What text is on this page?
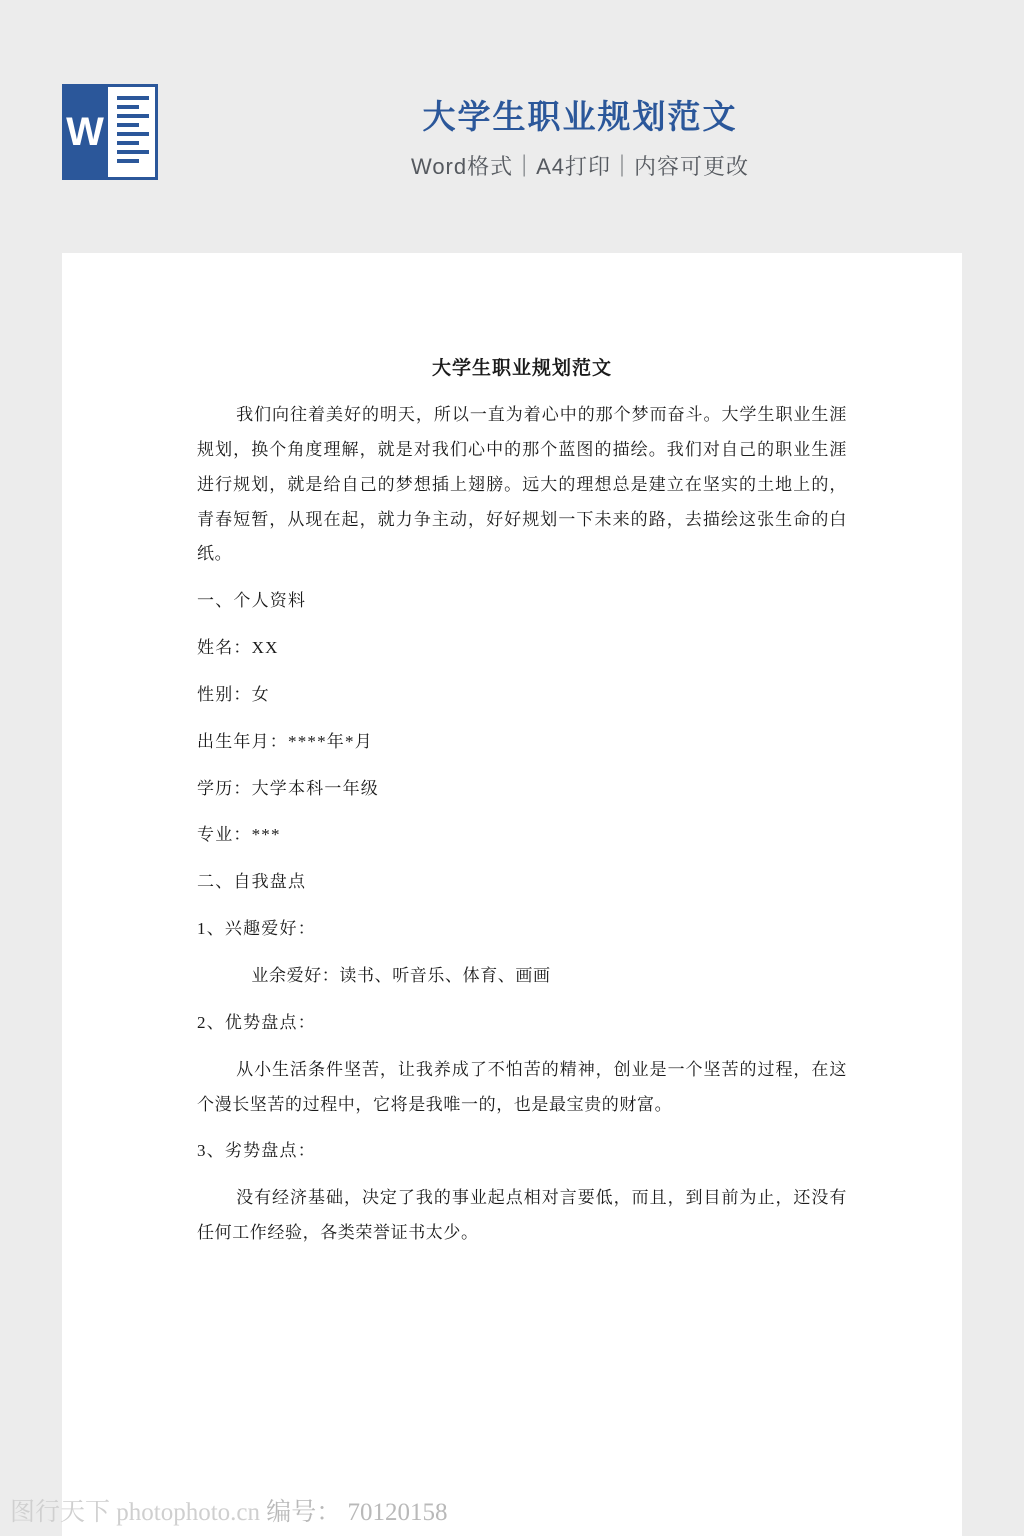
W	大学生职业规划范文
Word格式｜A4打印｜内容可更改
大学生职业规划范文

我们向往着美好的明天，所以一直为着心中的那个梦而奋斗。大学生职业生涯规划，换个角度理解，就是对我们心中的那个蓝图的描绘。我们对自己的职业生涯进行规划，就是给自己的梦想插上翅膀。远大的理想总是建立在坚实的土地上的，青春短暂，从现在起，就力争主动，好好规划一下未来的路，去描绘这张生命的白纸。

一、个人资料

姓名：XX

性别：女

出生年月：****年*月

学历：大学本科一年级

专业：***

二、自我盘点

1、兴趣爱好：

业余爱好：读书、听音乐、体育、画画

2、优势盘点：

从小生活条件坚苦，让我养成了不怕苦的精神，创业是一个坚苦的过程，在这个漫长坚苦的过程中，它将是我唯一的，也是最宝贵的财富。

3、劣势盘点：

没有经济基础，决定了我的事业起点相对言要低，而且，到目前为止，还没有任何工作经验，各类荣誉证书太少。

图行天下 photophoto.cn 编号： 70120158
